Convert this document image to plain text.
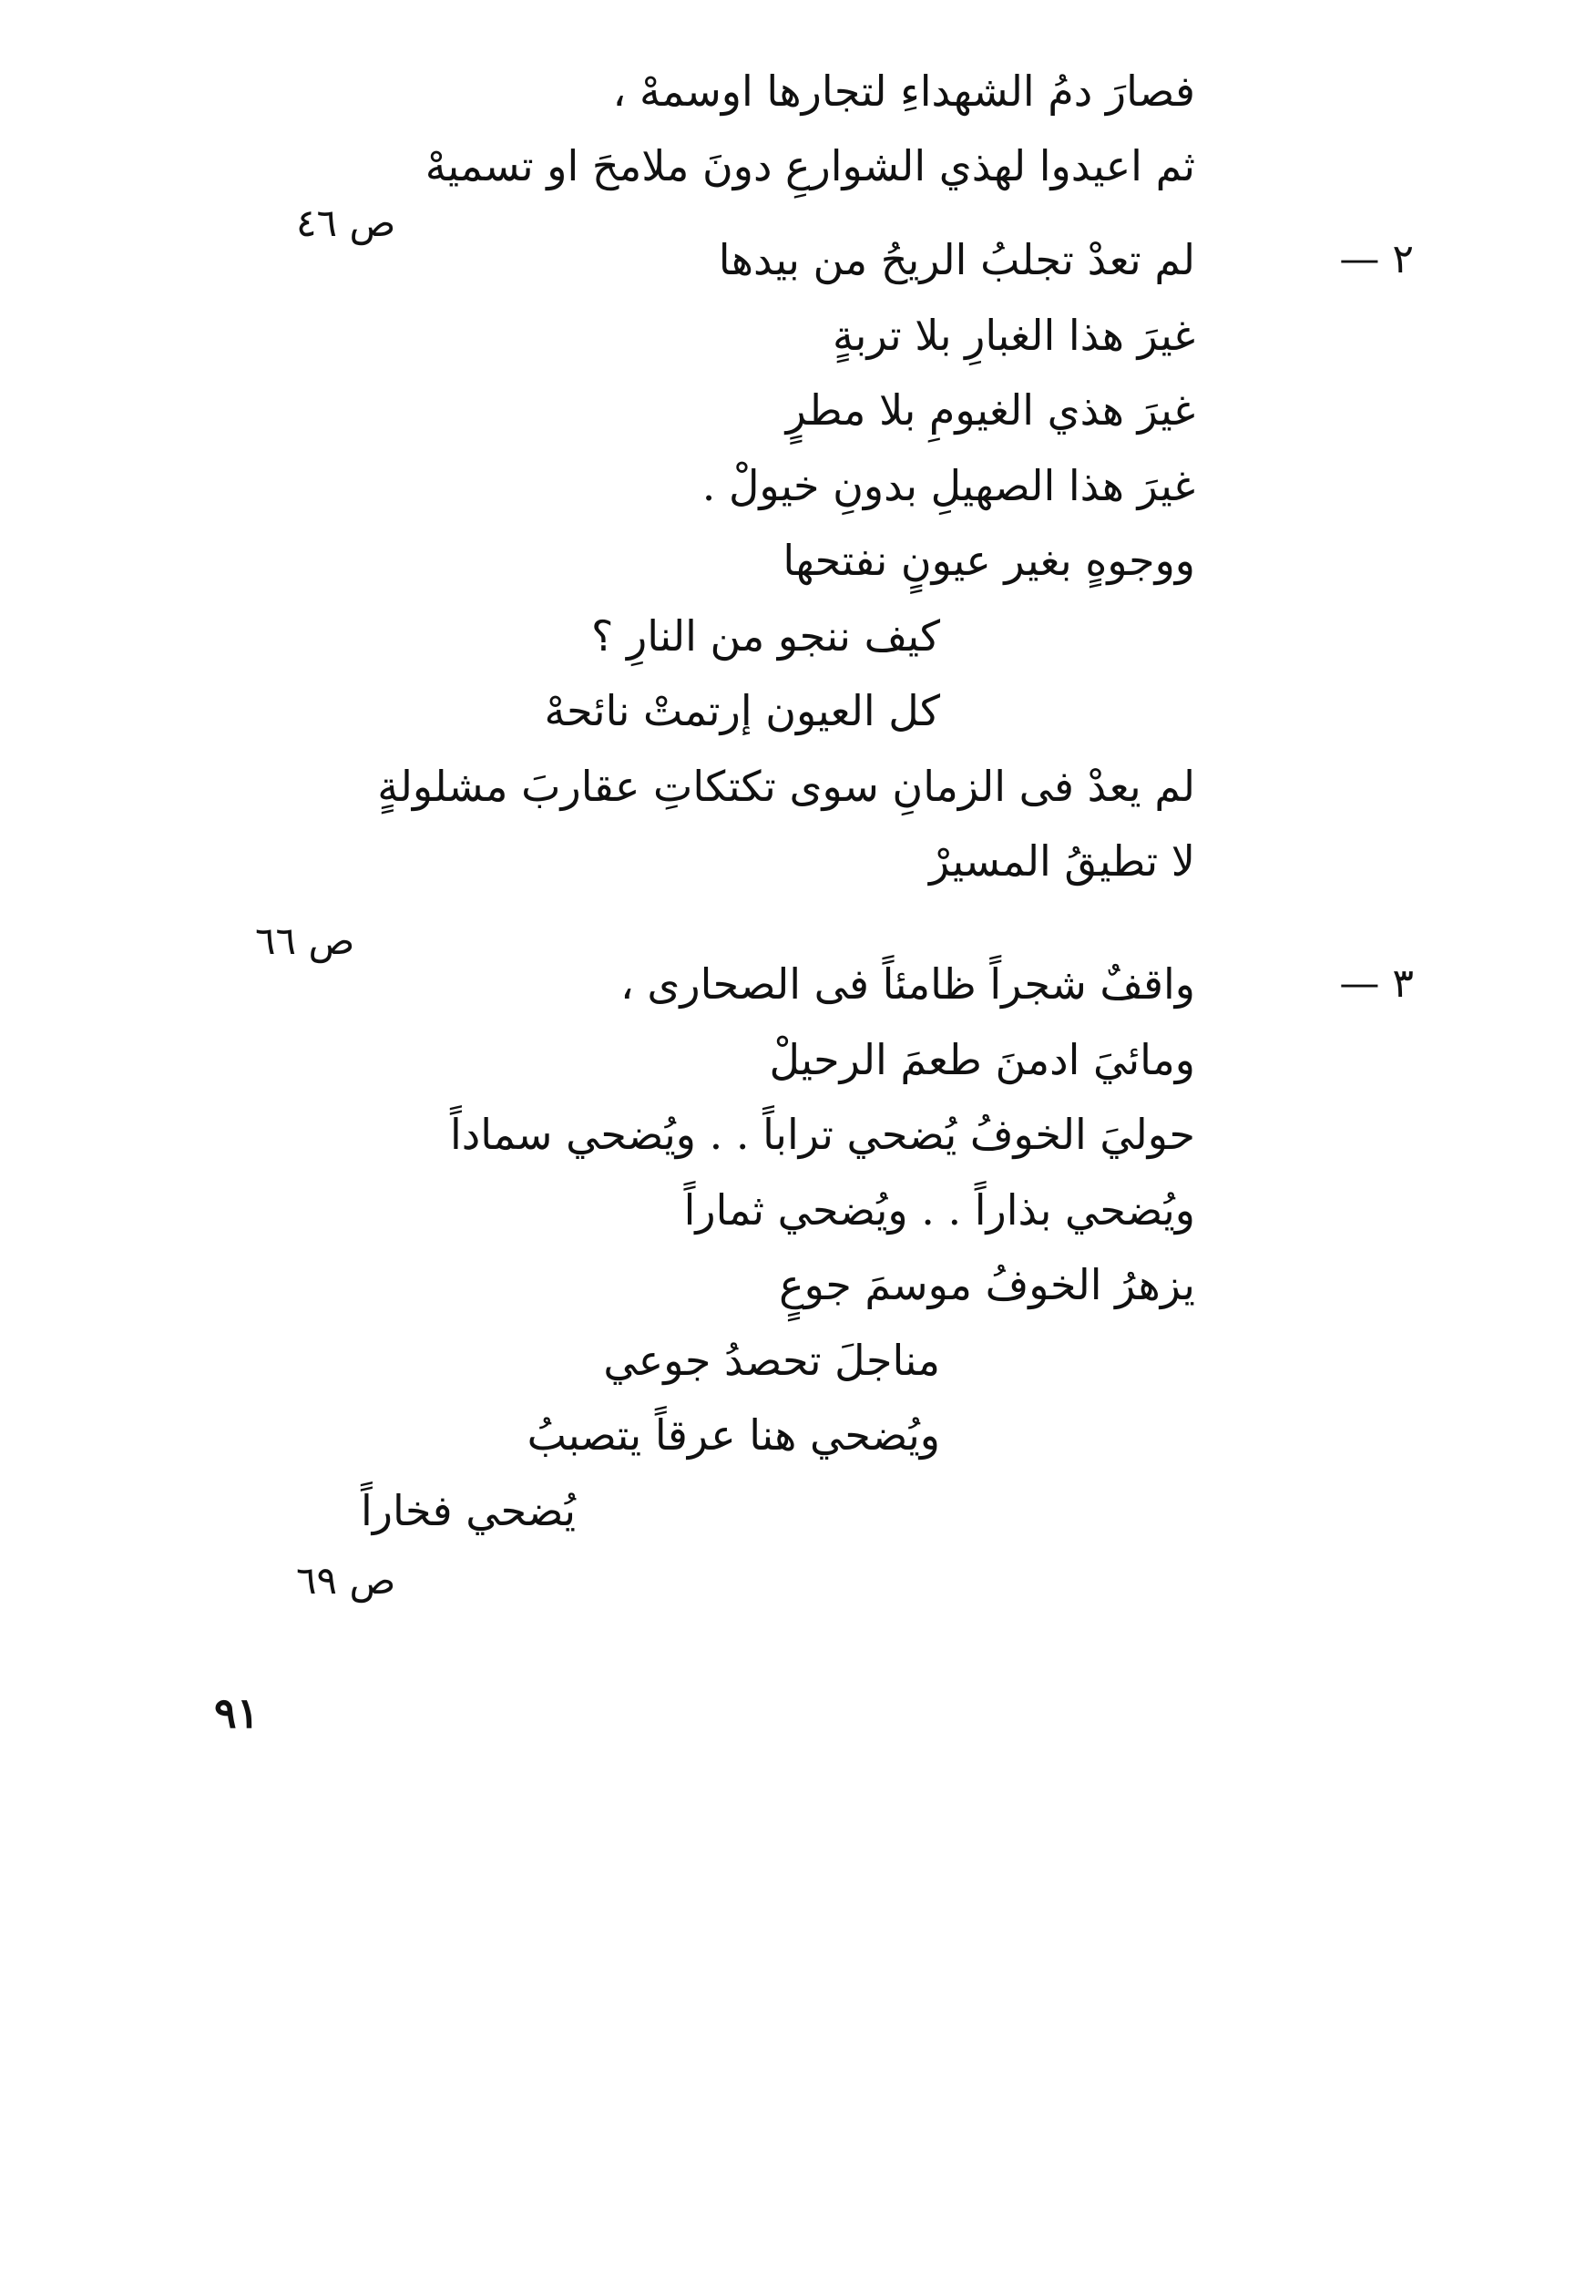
فصارَ دمُ الشهداءِ لتجارها اوسمهْ ،
ثم اعيدوا لهذي الشوارعِ دونَ ملامحَ او تسميهْ
ص ٤٦
٢ —
لم تعدْ تجلبُ الريحُ من بيدها
غيرَ هذا الغبارِ بلا تربةٍ
غيرَ هذي الغيومِ بلا مطرٍ
غيرَ هذا الصهيلِ بدونِ خيولْ .
ووجوهٍ بغير عيونٍ نفتحها
كيف ننجو من النارِ ؟
كل العيون إرتمتْ نائحهْ
لم يعدْ فى الزمانِ سوى تكتكاتِ عقاربَ مشلولةٍ
لا تطيقُ المسيرْ
ص ٦٦
٣ —
واقفٌ شجراً ظامئاً فى الصحارى ،
ومائيَ ادمنَ طعمَ الرحيلْ
حوليَ الخوفُ يُضحي تراباً . . ويُضحي سماداً
ويُضحي بذاراً . . ويُضحي ثماراً
يزهرُ الخوفُ موسمَ جوعٍ
مناجلَ تحصدُ جوعي
ويُضحي هنا عرقاً يتصببُ
يُضحي فخاراً
ص ٦٩
٩١
